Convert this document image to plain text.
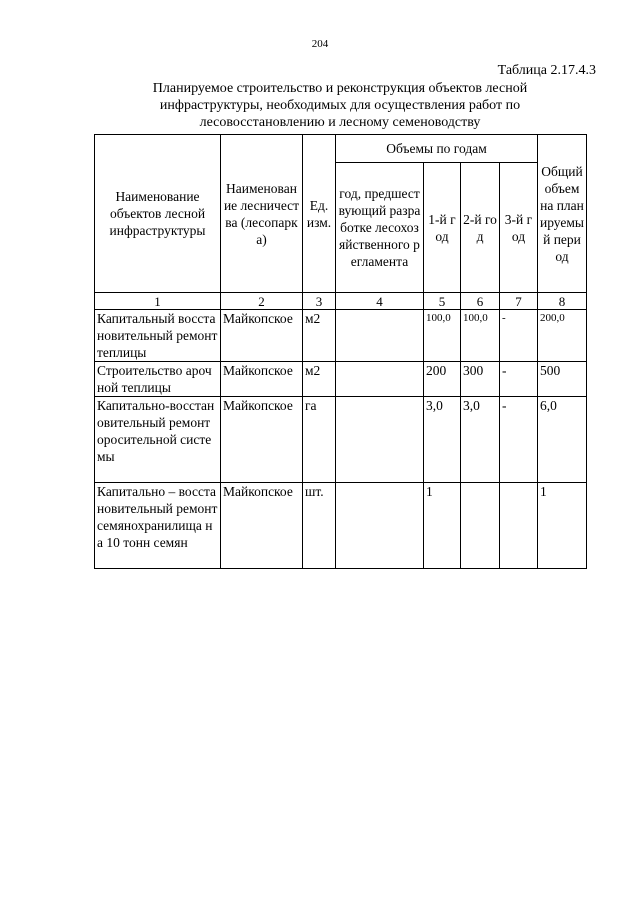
204
Таблица 2.17.4.3
Планируемое строительство и реконструкция объектов лесной
инфраструктуры, необходимых для осуществления работ по
лесовосстановлению и лесному семеноводству
Наименование объектов лесной инфраструктуры	Наименование лесничества (лесопарка)	Ед. изм.	Объемы по годам				Общий объем на планируемый период
			год, предшествующий разработке лесохозяйственного регламента	1-й год	2-й год	3-й год	
1	2	3	4	5	6	7	8
Капитальный восстановительный ремонт теплицы	Майкопское	м2		100,0	100,0	-	200,0
Строительство арочной теплицы	Майкопское	м2		200	300	-	500
Капитально-восстановительный ремонт оросительной системы	Майкопское	га		3,0	3,0	-	6,0
Капитально – восстановительный ремонт семянохранилища на 10 тонн семян	Майкопское	шт.		1			1
